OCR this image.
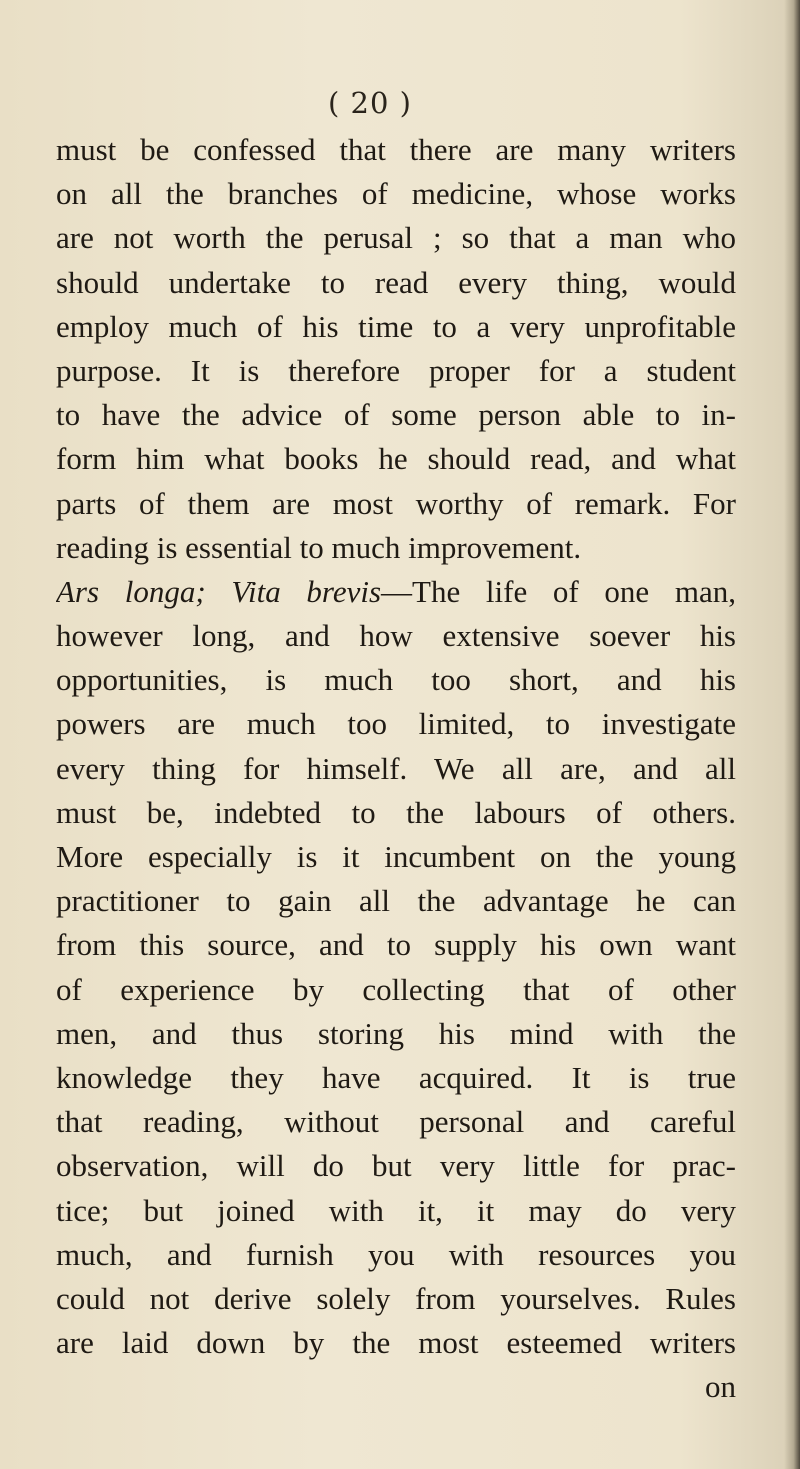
( 20 )
must be confessed that there are many writers
on all the branches of medicine, whose works
are not worth the perusal ; so that a man who
should undertake to read every thing, would
employ much of his time to a very unprofitable
purpose. It is therefore proper for a student
to have the advice of some person able to in-
form him what books he should read, and what
parts of them are most worthy of remark. For
reading is essential to much improvement.
Ars longa; Vita brevis—The life of one man,
however long, and how extensive soever his
opportunities, is much too short, and his
powers are much too limited, to investigate
every thing for himself. We all are, and all
must be, indebted to the labours of others.
More especially is it incumbent on the young
practitioner to gain all the advantage he can
from this source, and to supply his own want
of experience by collecting that of other
men, and thus storing his mind with the
knowledge they have acquired. It is true
that reading, without personal and careful
observation, will do but very little for prac-
tice; but joined with it, it may do very
much, and furnish you with resources you
could not derive solely from yourselves. Rules
are laid down by the most esteemed writers
on
